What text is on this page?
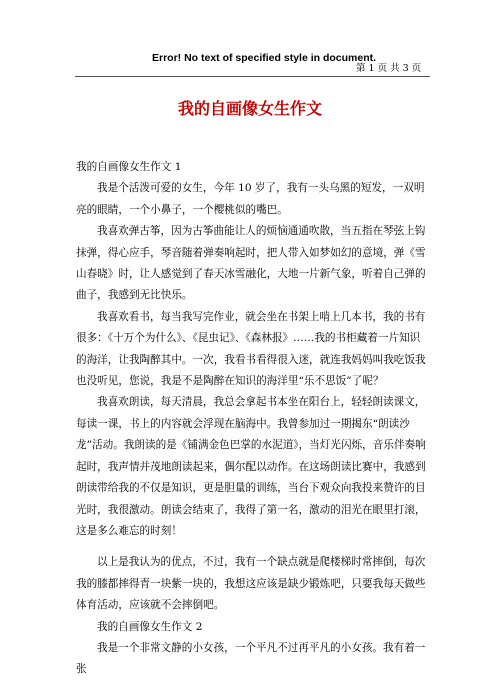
Error! No text of specified style in document.
第 1 页 共 3 页
我的自画像女生作文

我的自画像女生作文 1

我是个活泼可爱的女生，今年 10 岁了，我有一头乌黑的短发，一双明亮的眼睛，一个小鼻子，一个樱桃似的嘴巴。

我喜欢弹古筝，因为古筝曲能让人的烦恼通通吹散，当五指在琴弦上钩抹弹，得心应手，琴音随着弹奏响起时，把人带入如梦如幻的意境，弹《雪山春晓》时，让人感觉到了春天冰雪融化，大地一片新气象，听着自己弹的曲子，我感到无比快乐。

我喜欢看书，每当我写完作业，就会坐在书架上啃上几本书，我的书有很多：《十万个为什么》、《昆虫记》、《森林报》……我的书柜藏着一片知识的海洋，让我陶醉其中。一次，我看书看得很入迷，就连我妈妈叫我吃饭我也没听见，您说，我是不是陶醉在知识的海洋里“乐不思饭”了呢？

我喜欢朗读，每天清晨，我总会拿起书本坐在阳台上，轻轻朗读课文，每读一课，书上的内容就会浮现在脑海中。我曾参加过一期揭东“朗读沙龙”活动。我朗读的是《铺满金色巴掌的水泥道》，当灯光闪烁，音乐伴奏响起时，我声情并茂地朗读起来，偶尔配以动作。在这场朗读比赛中，我感到朗读带给我的不仅是知识，更是胆量的训练，当台下观众向我投来赞许的目光时，我很激动。朗读会结束了，我得了第一名，激动的泪光在眼里打滚，这是多么难忘的时刻！

以上是我认为的优点，不过，我有一个缺点就是爬楼梯时常摔倒，每次我的膝都摔得青一块紫一块的，我想这应该是缺少锻炼吧，只要我每天做些体育活动，应该就不会摔倒吧。

我的自画像女生作文 2

我是一个非常文静的小女孩，一个平凡不过再平凡的小女孩。我有着一张
